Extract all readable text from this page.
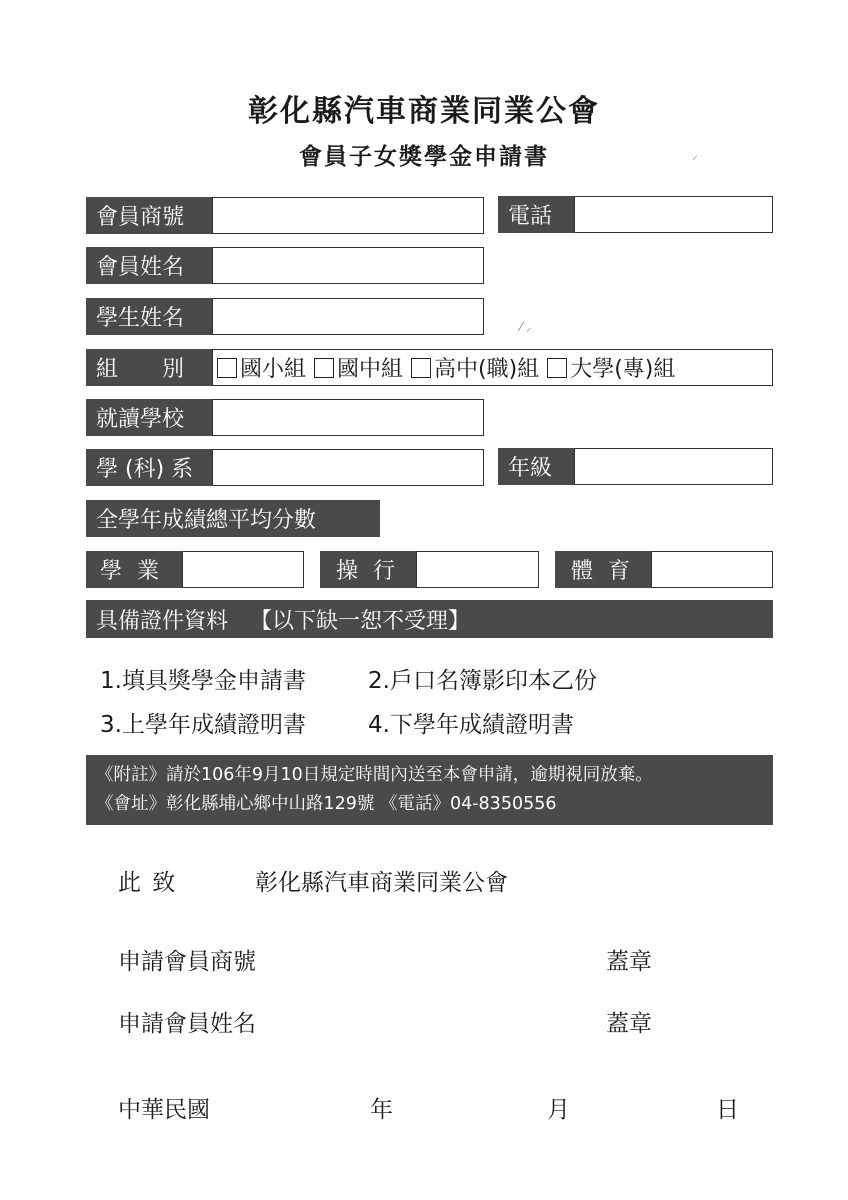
彰化縣汽車商業同業公會
會員子女獎學金申請書	⸝
會員商號	電話
會員姓名
學生姓名	⁄ ⸝
組　　別	國小組 國中組 高中(職)組 大學(專)組
就讀學校
學 (科) 系	年級
全學年成績總平均分數
學 業	操 行	體 育
具備證件資料 【以下缺一恕不受理】
1.填具獎學金申請書	2.戶口名簿影印本乙份
3.上學年成績證明書	4.下學年成績證明書
《附註》請於106年9月10日規定時間內送至本會申請，逾期視同放棄。
《會址》彰化縣埔心鄉中山路129號 《電話》04-8350556
此 致	彰化縣汽車商業同業公會
申請會員商號	蓋章
申請會員姓名	蓋章
中華民國	年	月	日
